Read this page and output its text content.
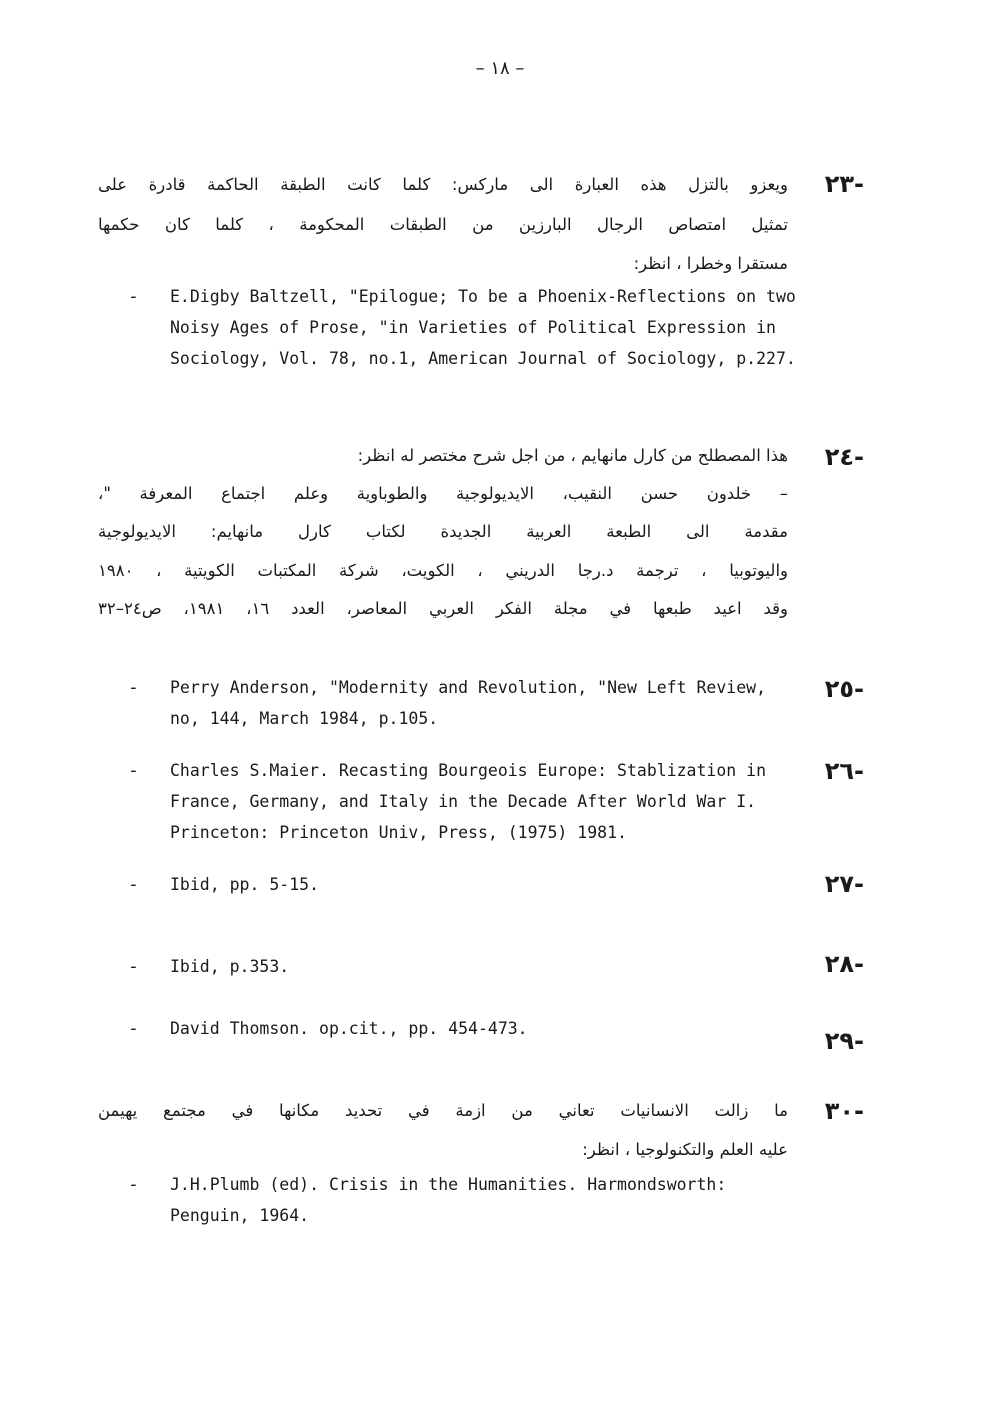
– ١٨ –
-٢٣
ويعزو بالتزل هذه العبارة الى ماركس: كلما كانت الطبقة الحاكمة قادرة على
تمثيل امتصاص الرجال البارزين من الطبقات المحكومة ، كلما كان حكمها
مستقرا وخطرا ، انظر:
- E.Digby Baltzell, "Epilogue; To be a Phoenix-Reflections on two
Noisy Ages of Prose, "in Varieties of Political Expression in
Sociology, Vol. 78, no.1, American Journal of Sociology, p.227.
-٢٤
هذا المصطلح من كارل مانهايم ، من اجل شرح مختصر له انظر:
– خلدون حسن النقيب، الايديولوجية والطوباوية وعلم اجتماع المعرفة "،
مقدمة الى الطبعة العربية الجديدة لكتاب كارل مانهايم: الايديولوجية
واليوتوبيا ، ترجمة د.رجا الدريني ، الكويت، شركة المكتبات الكويتية ، ١٩٨٠
وقد اعيد طبعها في مجلة الفكر العربي المعاصر، العدد ١٦، ١٩٨١، ص٢٤–٣٢
-٢٥
- Perry Anderson, "Modernity and Revolution, "New Left Review,
no, 144, March 1984, p.105.
-٢٦
- Charles S.Maier. Recasting Bourgeois Europe: Stablization in
France, Germany, and Italy in the Decade After World War I.
Princeton: Princeton Univ, Press, (1975) 1981.
-٢٧
- Ibid, pp. 5-15.
-٢٨
- Ibid, p.353.
-٢٩
- David Thomson. op.cit., pp. 454-473.
-٣٠
ما زالت الانسانيات تعاني من ازمة في تحديد مكانها في مجتمع يهيمن
عليه العلم والتكنولوجيا ، انظر:
- J.H.Plumb (ed). Crisis in the Humanities. Harmondsworth:
Penguin, 1964.
